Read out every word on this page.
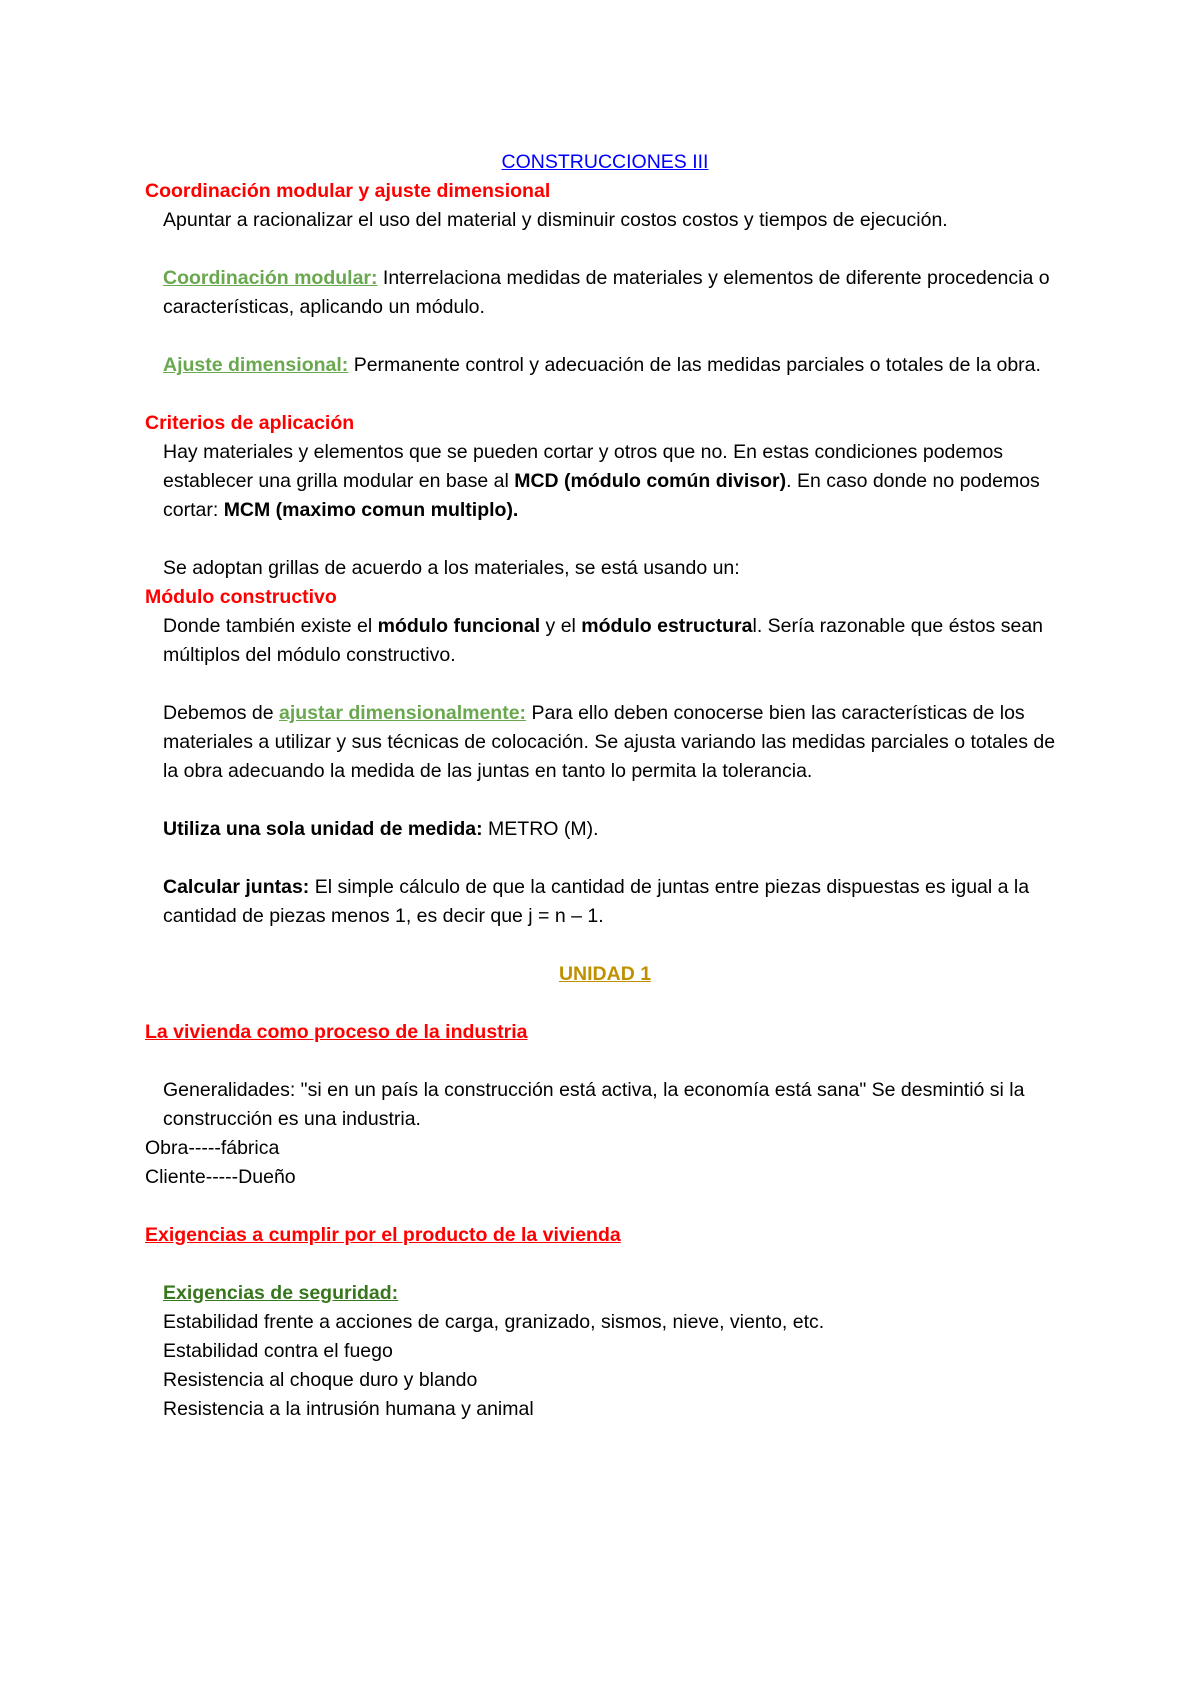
CONSTRUCCIONES III

Coordinación modular y ajuste dimensional

Apuntar a racionalizar el uso del material y disminuir costos costos y tiempos de ejecución.

Coordinación modular: Interrelaciona medidas de materiales y elementos de diferente procedencia o características, aplicando un módulo.

Ajuste dimensional: Permanente control y adecuación de las medidas parciales o totales de la obra.

Criterios de aplicación

Hay materiales y elementos que se pueden cortar y otros que no. En estas condiciones podemos establecer una grilla modular en base al MCD (módulo común divisor). En caso donde no podemos cortar: MCM (maximo comun multiplo).

Se adoptan grillas de acuerdo a los materiales, se está usando un:

Módulo constructivo

Donde también existe el módulo funcional y el módulo estructural. Sería razonable que éstos sean múltiplos del módulo constructivo.

Debemos de ajustar dimensionalmente: Para ello deben conocerse bien las características de los materiales a utilizar y sus técnicas de colocación. Se ajusta variando las medidas parciales o totales de la obra adecuando la medida de las juntas en tanto lo permita la tolerancia.

Utiliza una sola unidad de medida: METRO (M).

Calcular juntas: El simple cálculo de que la cantidad de juntas entre piezas dispuestas es igual a la cantidad de piezas menos 1, es decir que j = n – 1.

UNIDAD 1

La vivienda como proceso de la industria

Generalidades: "si en un país la construcción está activa, la economía está sana" Se desmintió si la construcción es una industria.

Obra-----fábrica

Cliente-----Dueño

Exigencias a cumplir por el producto de la vivienda

Exigencias de seguridad:

Estabilidad frente a acciones de carga, granizado, sismos, nieve, viento, etc.

Estabilidad contra el fuego

Resistencia al choque duro y blando

Resistencia a la intrusión humana y animal
